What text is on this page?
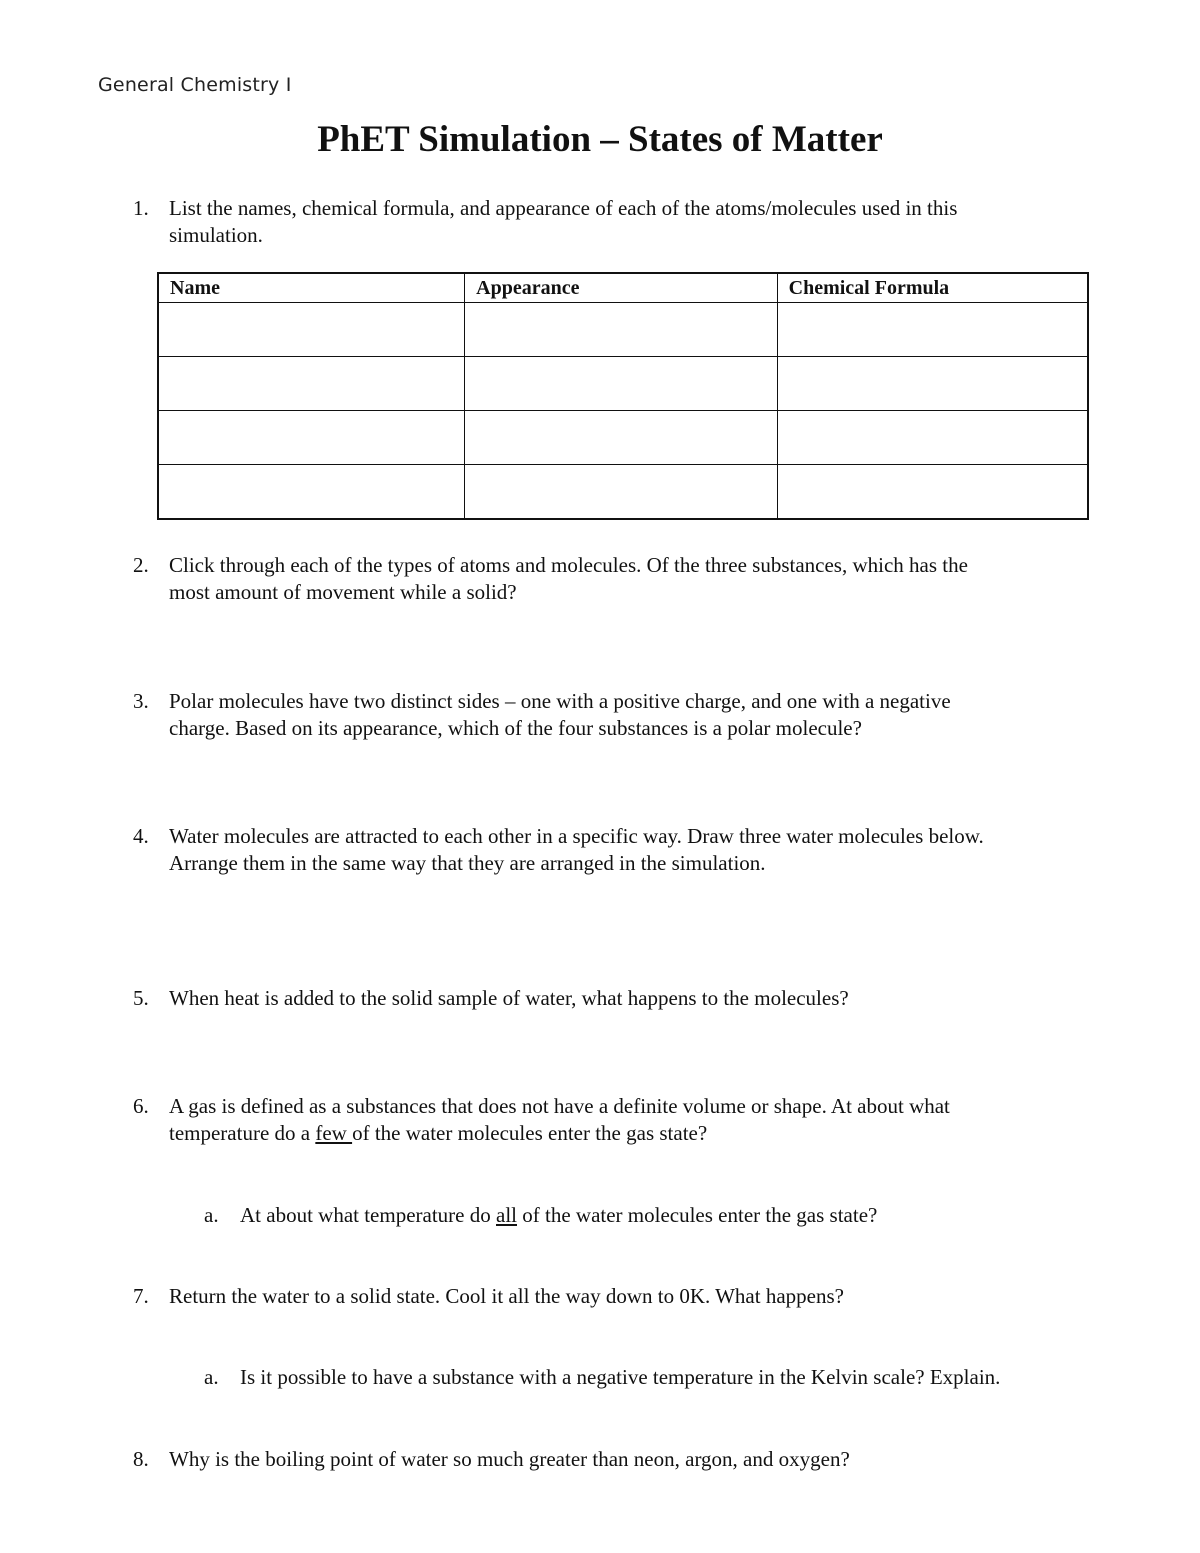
General Chemistry I
PhET Simulation – States of Matter
1. List the names, chemical formula, and appearance of each of the atoms/molecules used in this
simulation.
Name	Appearance	Chemical Formula

2. Click through each of the types of atoms and molecules. Of the three substances, which has the
most amount of movement while a solid?
3. Polar molecules have two distinct sides – one with a positive charge, and one with a negative
charge. Based on its appearance, which of the four substances is a polar molecule?
4. Water molecules are attracted to each other in a specific way. Draw three water molecules below.
Arrange them in the same way that they are arranged in the simulation.
5. When heat is added to the solid sample of water, what happens to the molecules?
6. A gas is defined as a substances that does not have a definite volume or shape. At about what
temperature do a few of the water molecules enter the gas state?
a. At about what temperature do all of the water molecules enter the gas state?
7. Return the water to a solid state. Cool it all the way down to 0K. What happens?
a. Is it possible to have a substance with a negative temperature in the Kelvin scale? Explain.
8. Why is the boiling point of water so much greater than neon, argon, and oxygen?
